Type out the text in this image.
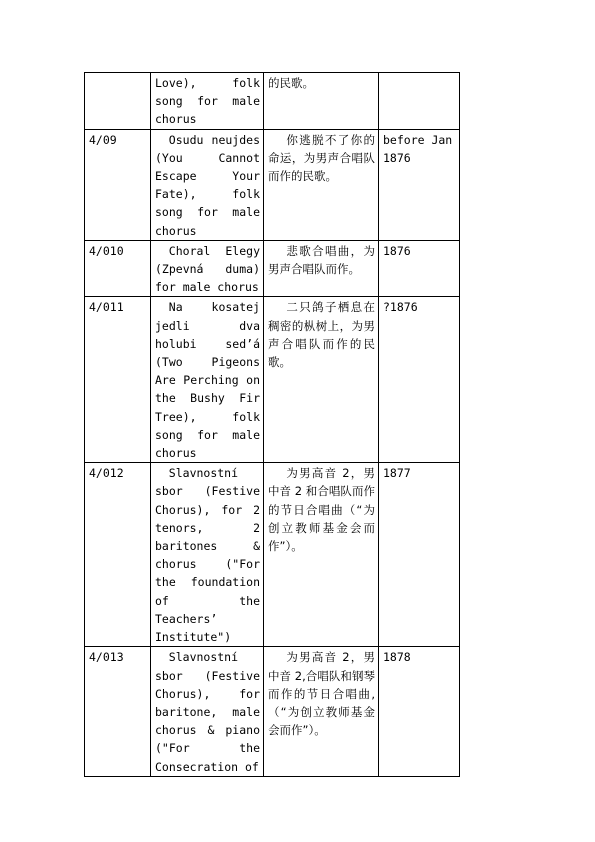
	Love), folk song for male chorus	的民歌。	
4/09	Osudu neujdes (You Cannot Escape Your Fate), folk song for male chorus	你逃脱不了你的命运，为男声合唱队而作的民歌。	before Jan 1876
4/010	Choral Elegy (Zpevná duma) for male chorus	悲歌合唱曲，为男声合唱队而作。	1876
4/011	Na kosatej jedli dva holubi sed’á (Two Pigeons Are Perching on the Bushy Fir Tree), folk song for male chorus	二只鸽子栖息在稠密的枞树上，为男声合唱队而作的民歌。	?1876
4/012	Slavnostní sbor (Festive Chorus), for 2 tenors, 2 baritones & chorus ("For the foundation of the Teachers’ Institute")	为男高音 2，男中音 2 和合唱队而作的节日合唱曲（“为创立教师基金会而作”）。	1877
4/013	Slavnostní sbor (Festive Chorus), for baritone, male chorus & piano ("For the Consecration of	为男高音 2，男中音 2,合唱队和钢琴而作的节日合唱曲,（“为创立教师基金会而作”）。	1878
